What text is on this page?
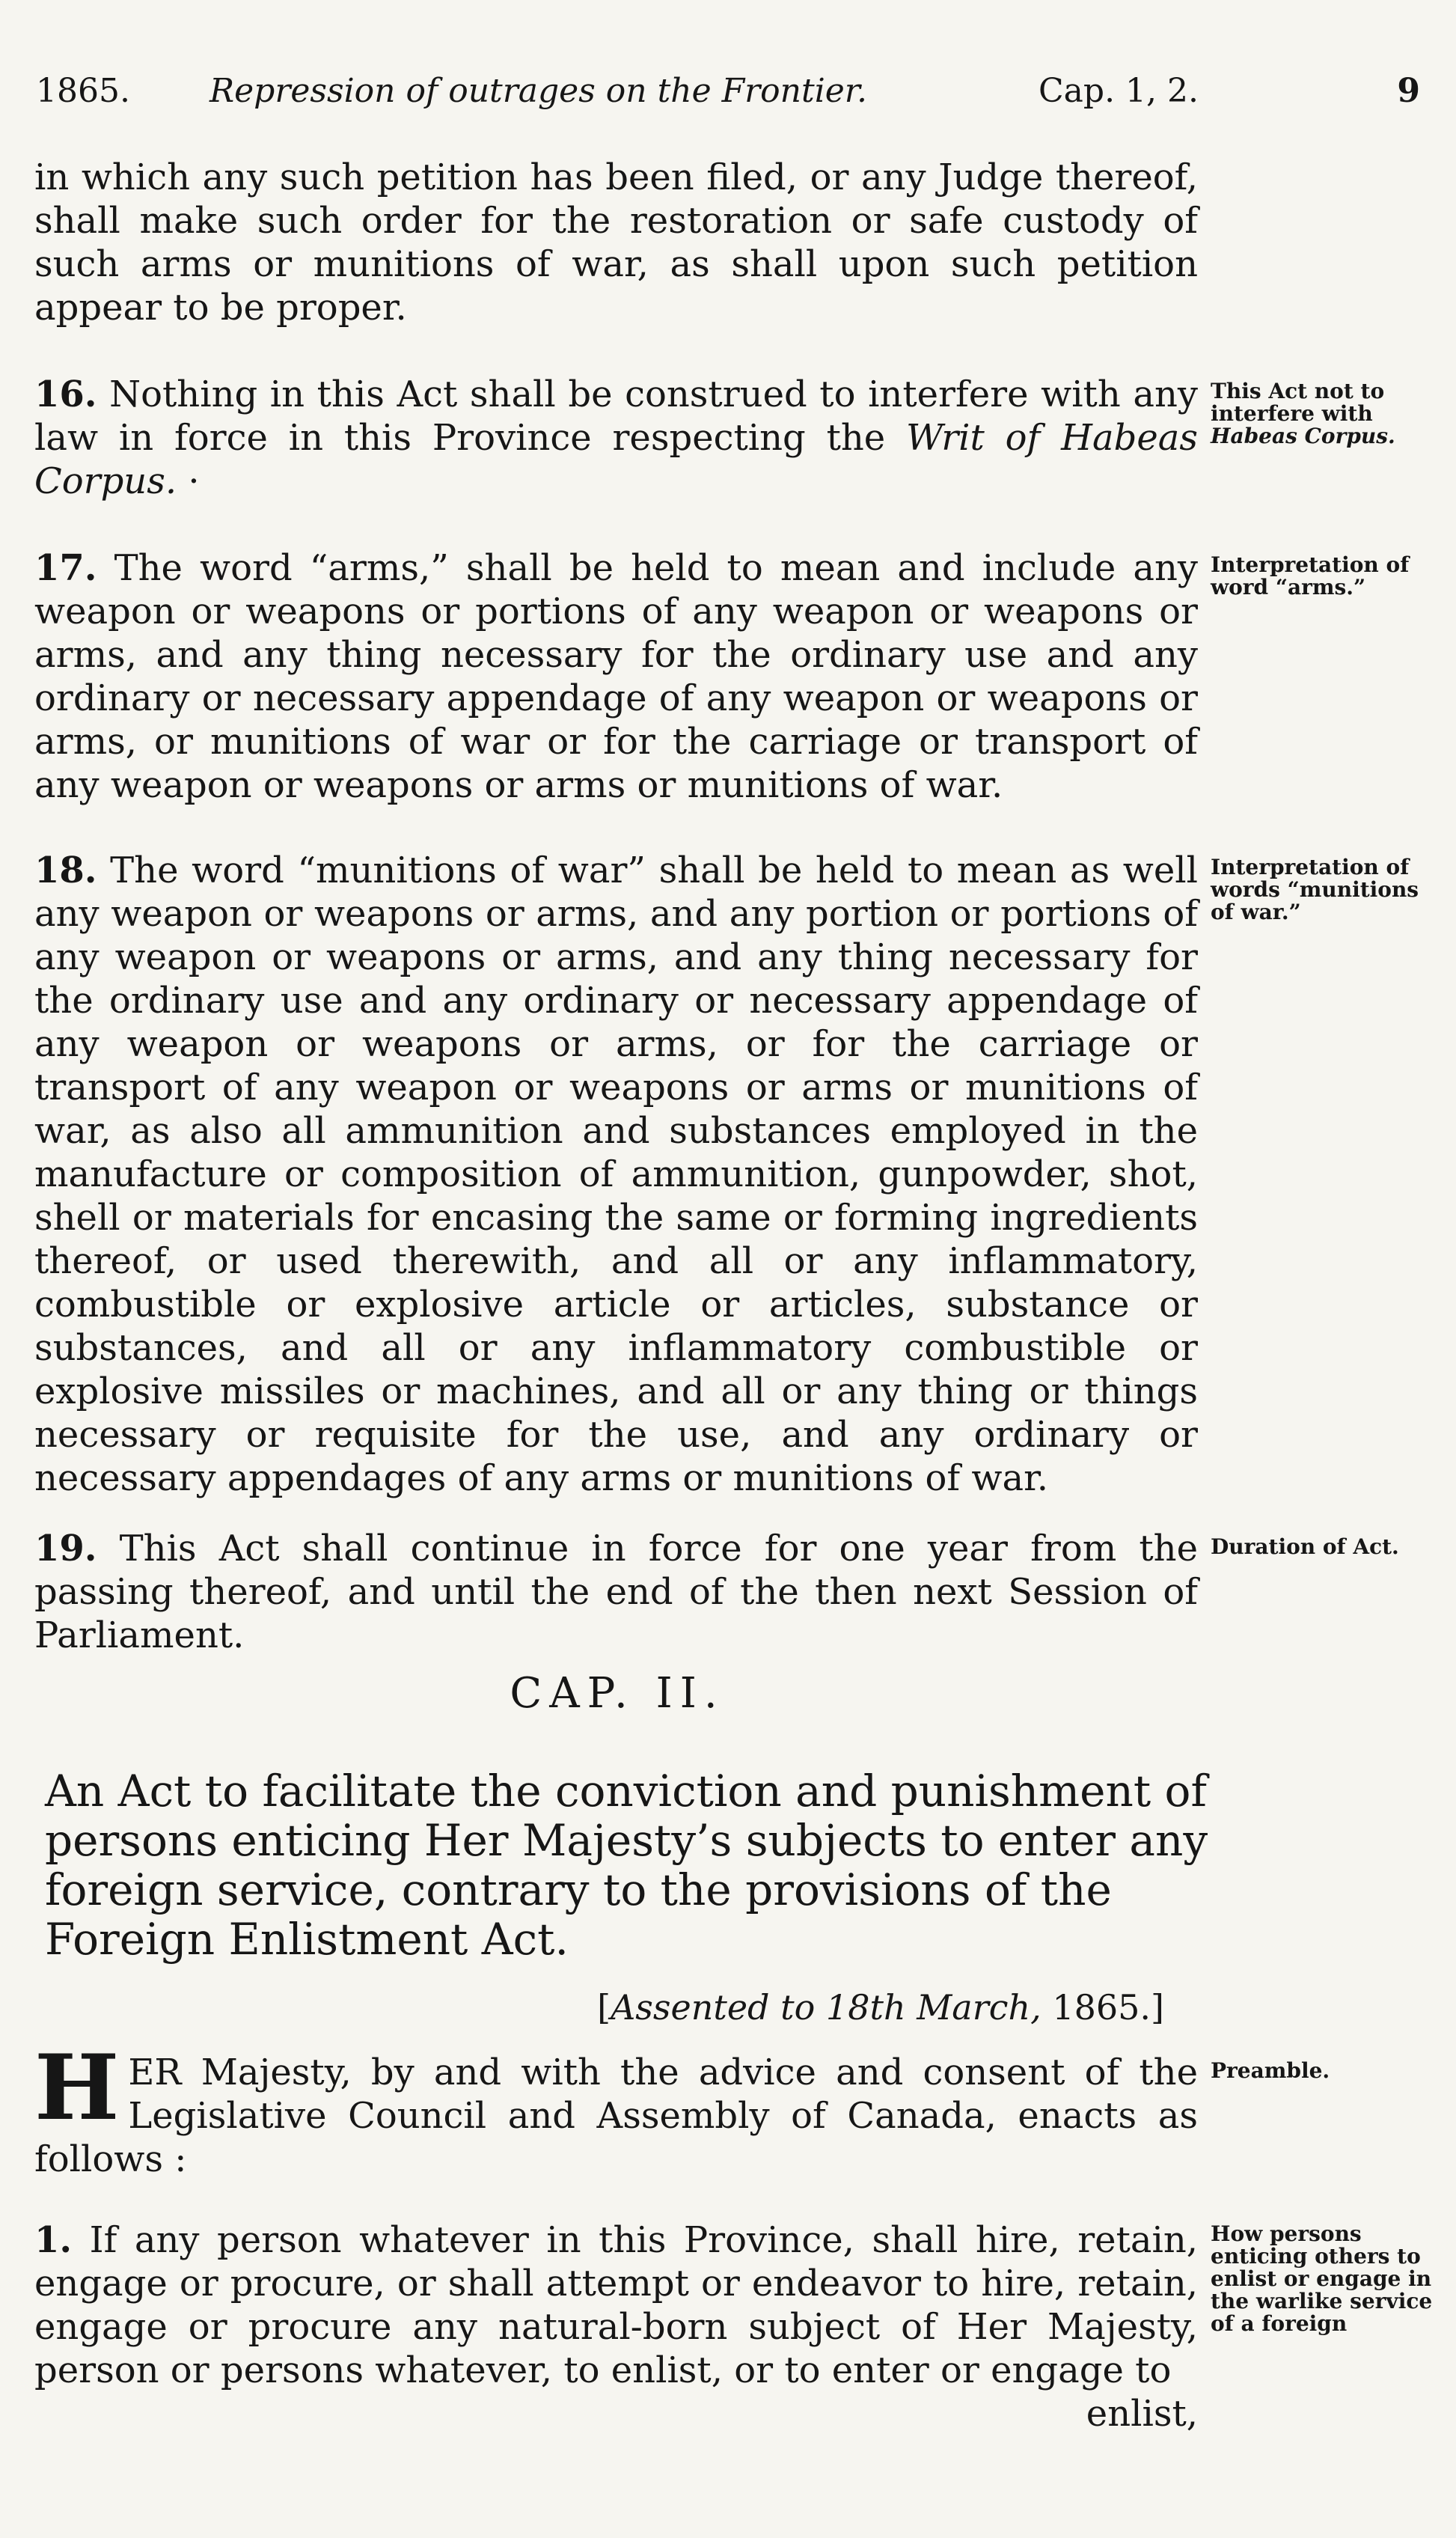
1865. Repression of outrages on the Frontier.	Cap. 1, 2.	9
in which any such petition has been filed, or any Judge thereof, shall make such order for the restoration or safe custody of such arms or munitions of war, as shall upon such petition appear to be proper.
16. Nothing in this Act shall be construed to interfere with any law in force in this Province respecting the Writ of Habeas Corpus. ·
This Act not to interfere with Habeas Corpus.
17. The word “arms,” shall be held to mean and include any weapon or weapons or portions of any weapon or weapons or arms, and any thing necessary for the ordinary use and any ordinary or necessary appendage of any weapon or weapons or arms, or munitions of war or for the carriage or transport of any weapon or weapons or arms or munitions of war.
Interpretation of word “arms.”
18. The word “munitions of war” shall be held to mean as well any weapon or weapons or arms, and any portion or portions of any weapon or weapons or arms, and any thing necessary for the ordinary use and any ordinary or necessary appendage of any weapon or weapons or arms, or for the carriage or transport of any weapon or weapons or arms or munitions of war, as also all ammunition and substances employed in the manufacture or composition of ammunition, gunpowder, shot, shell or materials for encasing the same or forming ingredients thereof, or used therewith, and all or any inflammatory, combustible or explosive article or articles, substance or substances, and all or any inflammatory combustible or explosive missiles or machines, and all or any thing or things necessary or requisite for the use, and any ordinary or necessary appendages of any arms or munitions of war.
Interpretation of words “munitions of war.”
19. This Act shall continue in force for one year from the passing thereof, and until the end of the then next Session of Parliament.
Duration of Act.
CAP. II.
An Act to facilitate the conviction and punishment of persons enticing Her Majesty’s subjects to enter any foreign service, contrary to the provisions of the Foreign Enlistment Act.
[Assented to 18th March, 1865.]
HER Majesty, by and with the advice and consent of the Legislative Council and Assembly of Canada, enacts as follows :
Preamble.
1. If any person whatever in this Province, shall hire, retain, engage or procure, or shall attempt or endeavor to hire, retain, engage or procure any natural-born subject of Her Majesty, person or persons whatever, to enlist, or to enter or engage to
enlist,
How persons enticing others to enlist or engage in the warlike service of a foreign
